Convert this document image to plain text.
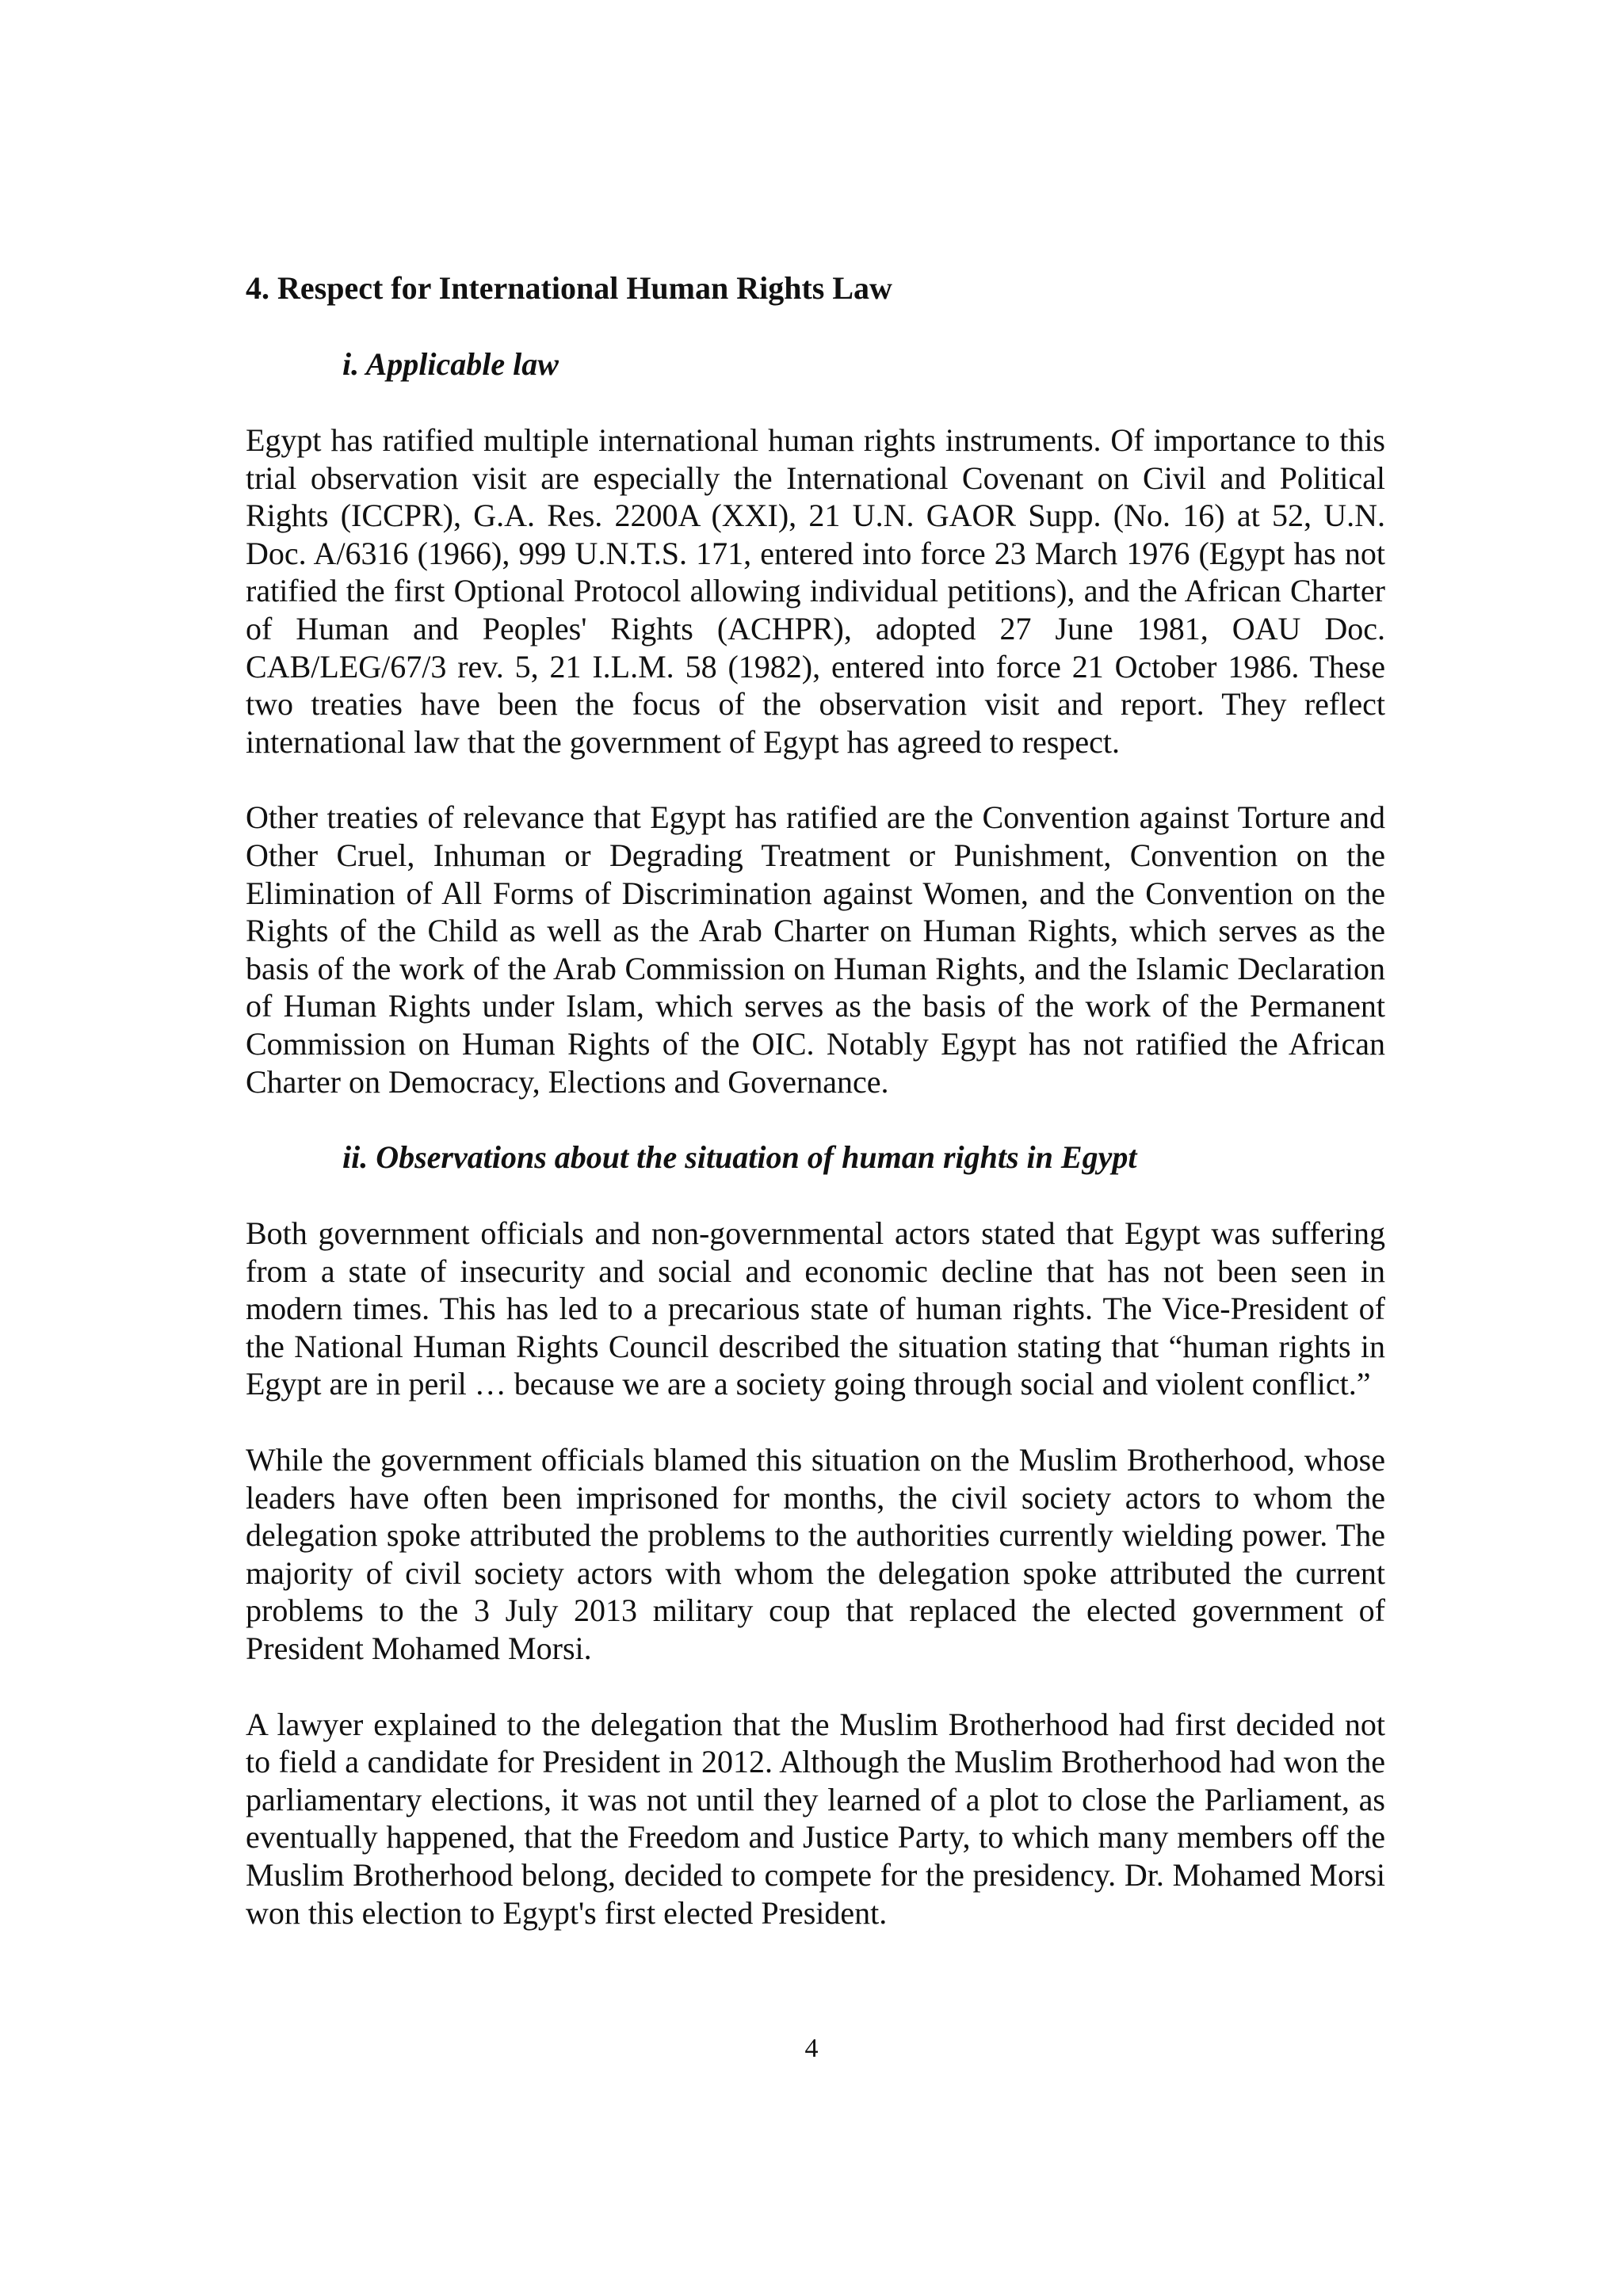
4. Respect for International Human Rights Law
i. Applicable law
Egypt has ratified multiple international human rights instruments. Of importance to this trial observation visit are especially the International Covenant on Civil and Political Rights (ICCPR), G.A. Res. 2200A (XXI), 21 U.N. GAOR Supp. (No. 16) at 52, U.N. Doc. A/6316 (1966), 999 U.N.T.S. 171, entered into force 23 March 1976 (Egypt has not ratified the first Optional Protocol allowing individual petitions), and the African Charter of Human and Peoples' Rights (ACHPR), adopted 27 June 1981, OAU Doc. CAB/LEG/67/3 rev. 5, 21 I.L.M. 58 (1982), entered into force 21 October 1986. These two treaties have been the focus of the observation visit and report. They reflect international law that the government of Egypt has agreed to respect.
Other treaties of relevance that Egypt has ratified are the Convention against Torture and Other Cruel, Inhuman or Degrading Treatment or Punishment, Convention on the Elimination of All Forms of Discrimination against Women, and the Convention on the Rights of the Child as well as the Arab Charter on Human Rights, which serves as the basis of the work of the Arab Commission on Human Rights, and the Islamic Declaration of Human Rights under Islam, which serves as the basis of the work of the Permanent Commission on Human Rights of the OIC. Notably Egypt has not ratified the African Charter on Democracy, Elections and Governance.
ii. Observations about the situation of human rights in Egypt
Both government officials and non-governmental actors stated that Egypt was suffering from a state of insecurity and social and economic decline that has not been seen in modern times. This has led to a precarious state of human rights. The Vice-President of the National Human Rights Council described the situation stating that “human rights in Egypt are in peril … because we are a society going through social and violent conflict.”
While the government officials blamed this situation on the Muslim Brotherhood, whose leaders have often been imprisoned for months, the civil society actors to whom the delegation spoke attributed the problems to the authorities currently wielding power. The majority of civil society actors with whom the delegation spoke attributed the current problems to the 3 July 2013 military coup that replaced the elected government of President Mohamed Morsi.
A lawyer explained to the delegation that the Muslim Brotherhood had first decided not to field a candidate for President in 2012. Although the Muslim Brotherhood had won the parliamentary elections, it was not until they learned of a plot to close the Parliament, as eventually happened, that the Freedom and Justice Party, to which many members off the Muslim Brotherhood belong, decided to compete for the presidency. Dr. Mohamed Morsi won this election to Egypt's first elected President.
4
